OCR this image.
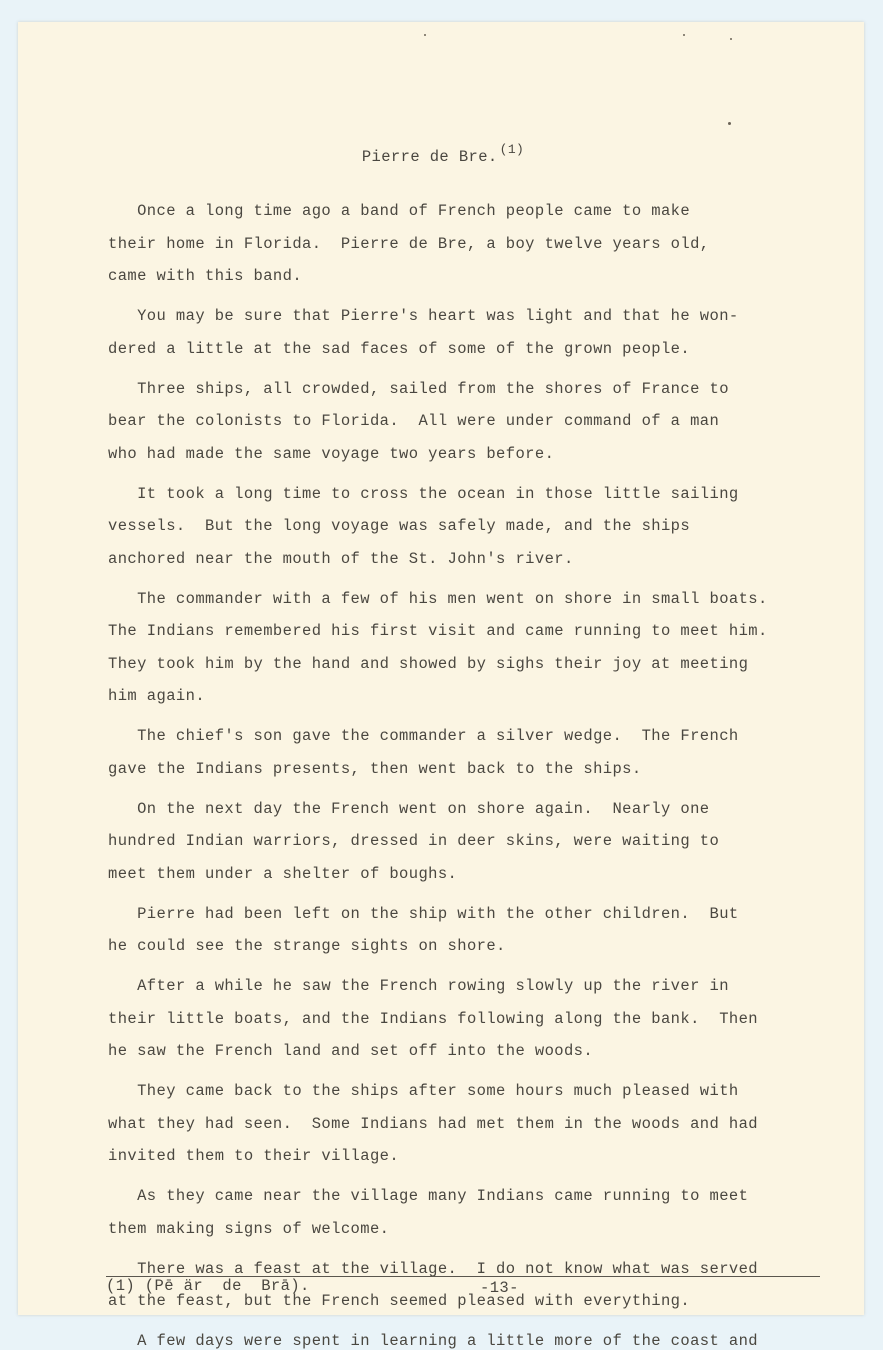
Pierre de Bre. $^{(1)}$

Once a long time ago a band of French people came to make
their home in Florida.  Pierre de Bre, a boy twelve years old,
came with this band.
You may be sure that Pierre's heart was light and that he won-
dered a little at the sad faces of some of the grown people.
Three ships, all crowded, sailed from the shores of France to
bear the colonists to Florida.  All were under command of a man
who had made the same voyage two years before.
It took a long time to cross the ocean in those little sailing
vessels.  But the long voyage was safely made, and the ships
anchored near the mouth of the St. John's river.
The commander with a few of his men went on shore in small boats.
The Indians remembered his first visit and came running to meet him.
They took him by the hand and showed by sighs their joy at meeting
him again.
The chief's son gave the commander a silver wedge.  The French
gave the Indians presents, then went back to the ships.
On the next day the French went on shore again.  Nearly one
hundred Indian warriors, dressed in deer skins, were waiting to
meet them under a shelter of boughs.
Pierre had been left on the ship with the other children.  But
he could see the strange sights on shore.
After a while he saw the French rowing slowly up the river in
their little boats, and the Indians following along the bank.  Then
he saw the French land and set off into the woods.
They came back to the ships after some hours much pleased with
what they had seen.  Some Indians had met them in the woods and had
invited them to their village.
As they came near the village many Indians came running to meet
them making signs of welcome.
There was a feast at the village.  I do not know what was served
at the feast, but the French seemed pleased with everything.
A few days were spent in learning a little more of the coast and
(1) (Pē är  de  Brā).	-13-
